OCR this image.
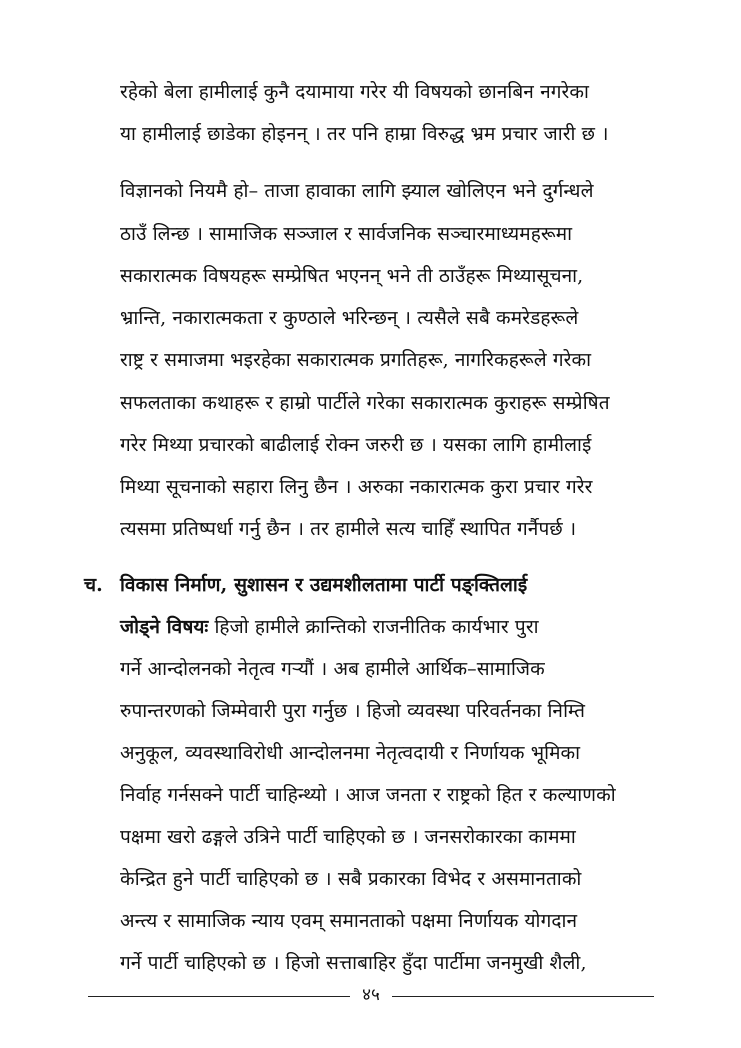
रहेको बेला हामीलाई कुनै दयामाया गरेर यी विषयको छानबिन नगरेका
या हामीलाई छाडेका होइनन् । तर पनि हाम्रा विरुद्ध भ्रम प्रचार जारी छ ।
विज्ञानको नियमै हो– ताजा हावाका लागि झ्याल खोलिएन भने दुर्गन्धले
ठाउँ लिन्छ । सामाजिक सञ्जाल र सार्वजनिक सञ्चारमाध्यमहरूमा
सकारात्मक विषयहरू सम्प्रेषित भएनन् भने ती ठाउँहरू मिथ्यासूचना,
भ्रान्ति, नकारात्मकता र कुण्ठाले भरिन्छन् । त्यसैले सबै कमरेडहरूले
राष्ट्र र समाजमा भइरहेका सकारात्मक प्रगतिहरू, नागरिकहरूले गरेका
सफलताका कथाहरू र हाम्रो पार्टीले गरेका सकारात्मक कुराहरू सम्प्रेषित
गरेर मिथ्या प्रचारको बाढीलाई रोक्न जरुरी छ । यसका लागि हामीलाई
मिथ्या सूचनाको सहारा लिनु छैन । अरुका नकारात्मक कुरा प्रचार गरेर
त्यसमा प्रतिष्पर्धा गर्नु छैन । तर हामीले सत्य चाहिँ स्थापित गर्नैपर्छ ।
च. विकास निर्माण, सुशासन र उद्यमशीलतामा पार्टी पङ्क्तिलाई
जोड्ने विषयः हिजो हामीले क्रान्तिको राजनीतिक कार्यभार पुरा
गर्ने आन्दोलनको नेतृत्व गर्‍यौं । अब हामीले आर्थिक–सामाजिक
रुपान्तरणको जिम्मेवारी पुरा गर्नुछ । हिजो व्यवस्था परिवर्तनका निम्ति
अनुकूल, व्यवस्थाविरोधी आन्दोलनमा नेतृत्वदायी र निर्णायक भूमिका
निर्वाह गर्नसक्ने पार्टी चाहिन्थ्यो । आज जनता र राष्ट्रको हित र कल्याणको
पक्षमा खरो ढङ्गले उत्रिने पार्टी चाहिएको छ । जनसरोकारका काममा
केन्द्रित हुने पार्टी चाहिएको छ । सबै प्रकारका विभेद र असमानताको
अन्त्य र सामाजिक न्याय एवम् समानताको पक्षमा निर्णायक योगदान
गर्ने पार्टी चाहिएको छ । हिजो सत्ताबाहिर हुँदा पार्टीमा जनमुखी शैली,
४५
